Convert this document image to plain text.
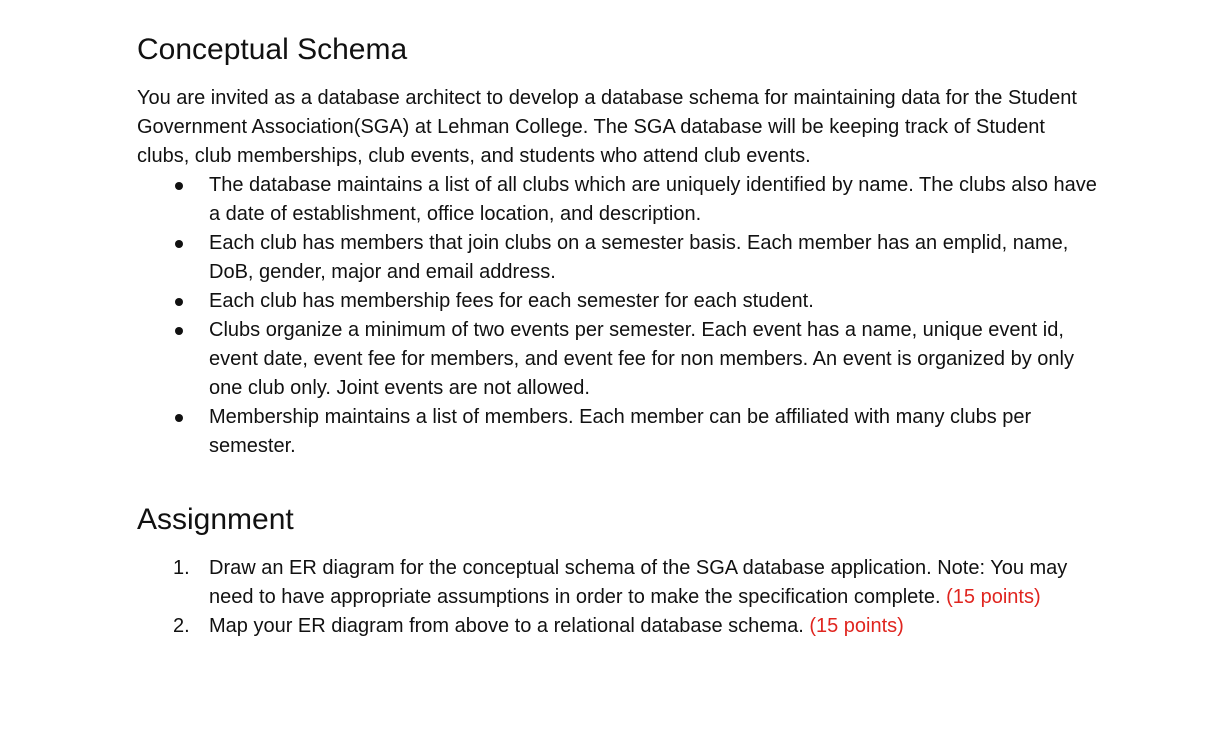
Conceptual Schema

You are invited as a database architect to develop a database schema for maintaining data for the Student Government Association(SGA) at Lehman College. The SGA database will be keeping track of Student clubs, club memberships, club events, and students who attend club events.

The database maintains a list of all clubs which are uniquely identified by name. The clubs also have a date of establishment, office location, and description.
Each club has members that join clubs on a semester basis. Each member has an emplid, name, DoB, gender, major and email address.
Each club has membership fees for each semester for each student.
Clubs organize a minimum of two events per semester. Each event has a name, unique event id, event date, event fee for members, and event fee for non members. An event is organized by only one club only. Joint events are not allowed.
Membership maintains a list of members. Each member can be affiliated with many clubs per semester.
Assignment
1. Draw an ER diagram for the conceptual schema of the SGA database application. Note: You may need to have appropriate assumptions in order to make the specification complete. (15 points)
2. Map your ER diagram from above to a relational database schema. (15 points)
